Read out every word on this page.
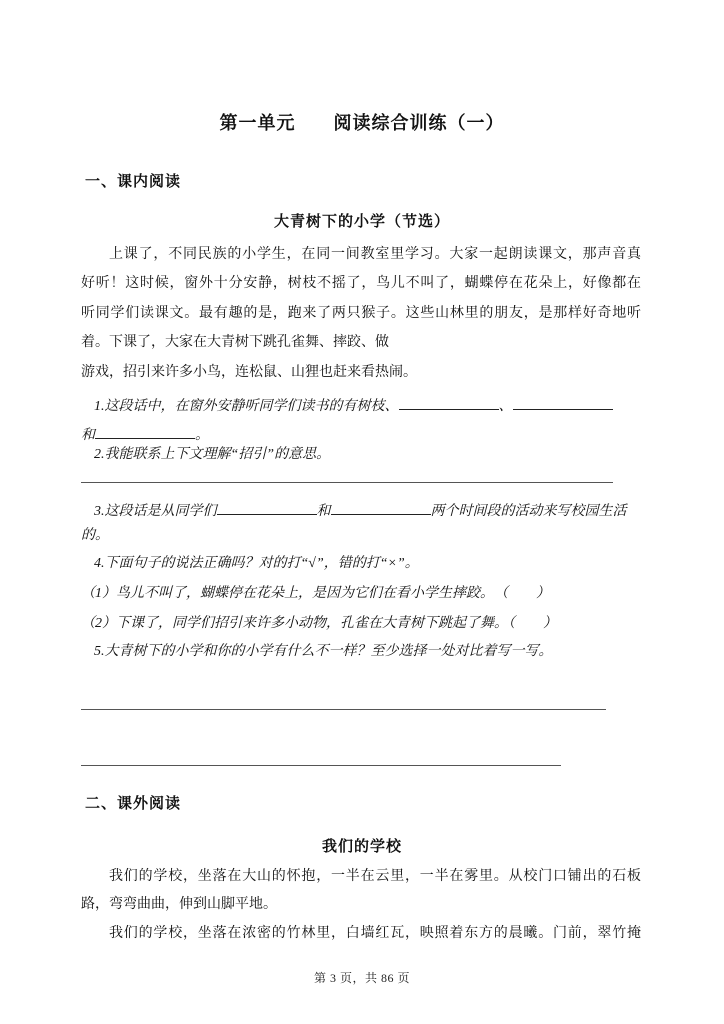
第一单元　　阅读综合训练（一）
一、课内阅读
大青树下的小学（节选）
上课了，不同民族的小学生，在同一间教室里学习。大家一起朗读课文，那声音真
好听！这时候，窗外十分安静，树枝不摇了，鸟儿不叫了，蝴蝶停在花朵上，好像都在
听同学们读课文。最有趣的是，跑来了两只猴子。这些山林里的朋友，是那样好奇地听
着。下课了，大家在大青树下跳孔雀舞、摔跤、做
游戏，招引来许多小鸟，连松鼠、山狸也赶来看热闹。
1.这段话中，在窗外安静听同学们读书的有树枝、	、
和	。
2.我能联系上下文理解“招引”的意思。
3.这段话是从同学们	和	两个时间段的活动来写校园生活
的。
4.下面句子的说法正确吗？对的打“√”，错的打“×”。
（1）鸟儿不叫了，蝴蝶停在花朵上，是因为它们在看小学生摔跤。　（　　）
（2）下课了，同学们招引来许多小动物，孔雀在大青树下跳起了舞。（　　）
5.大青树下的小学和你的小学有什么不一样？至少选择一处对比着写一写。
二、课外阅读
我们的学校
我们的学校，坐落在大山的怀抱，一半在云里，一半在雾里。从校门口铺出的石板
路，弯弯曲曲，伸到山脚平地。
我们的学校，坐落在浓密的竹林里，白墙红瓦，映照着东方的晨曦。门前，翠竹掩
第 3 页，共 86 页
